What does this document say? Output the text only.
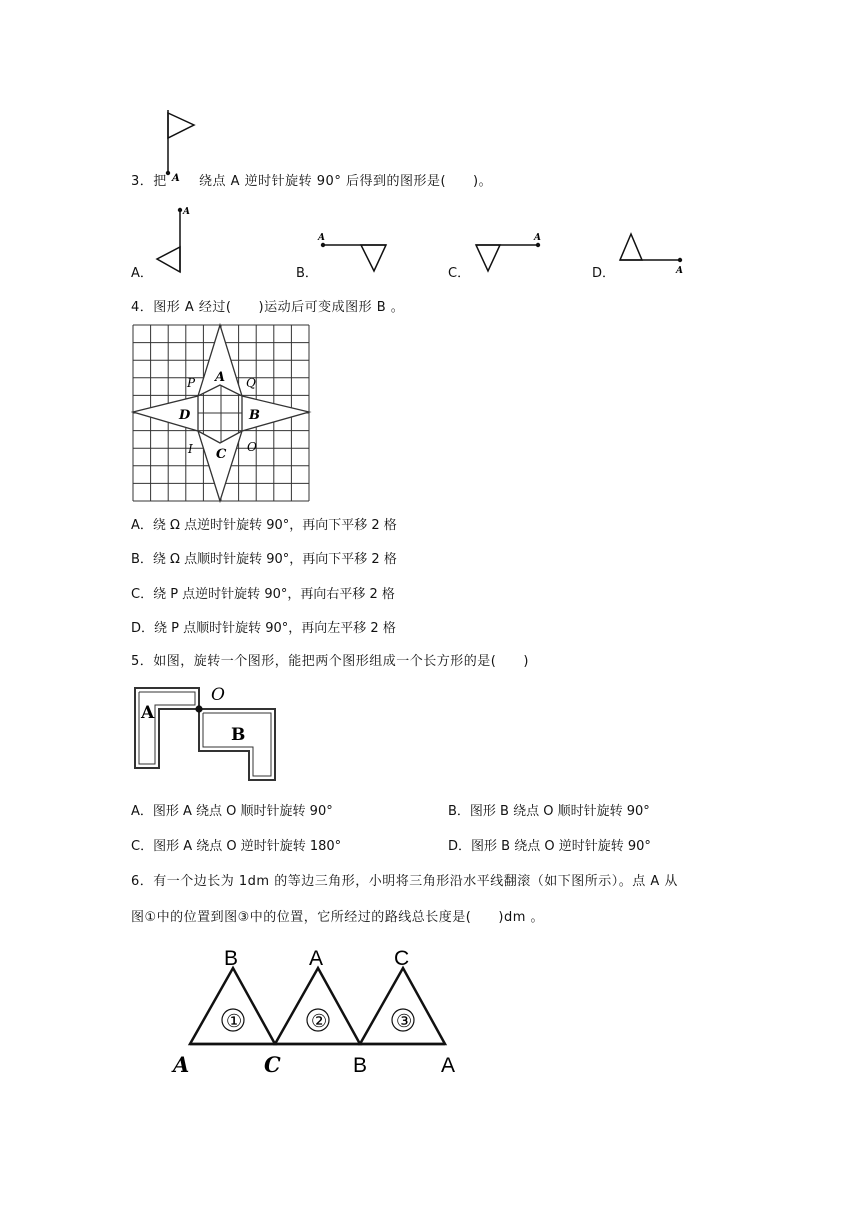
A
3．把 绕点 A 逆时针旋转 90° 后得到的图形是(　　)。
A．
A
B．
A
C．
A
D．	A
4．图形 A 经过(　　)运动后可变成图形 B 。
A
B
C
D
P	Q
I	O
A．绕 Ω 点逆时针旋转 90°，再向下平移 2 格
B．绕 Ω 点顺时针旋转 90°，再向下平移 2 格
C．绕 P 点逆时针旋转 90°，再向右平移 2 格
D．绕 P 点顺时针旋转 90°，再向左平移 2 格
5．如图，旋转一个图形，能把两个图形组成一个长方形的是(　　)
A
B
O
A．图形 A 绕点 O 顺时针旋转 90°	B．图形 B 绕点 O 顺时针旋转 90°
C．图形 A 绕点 O 逆时针旋转 180°	D．图形 B 绕点 O 逆时针旋转 90°
6．有一个边长为 1dm 的等边三角形，小明将三角形沿水平线翻滚（如下图所示）。点 A 从
图①中的位置到图③中的位置，它所经过的路线总长度是(　　)dm 。
①	②	③
B	A	C
A	C	B	A
